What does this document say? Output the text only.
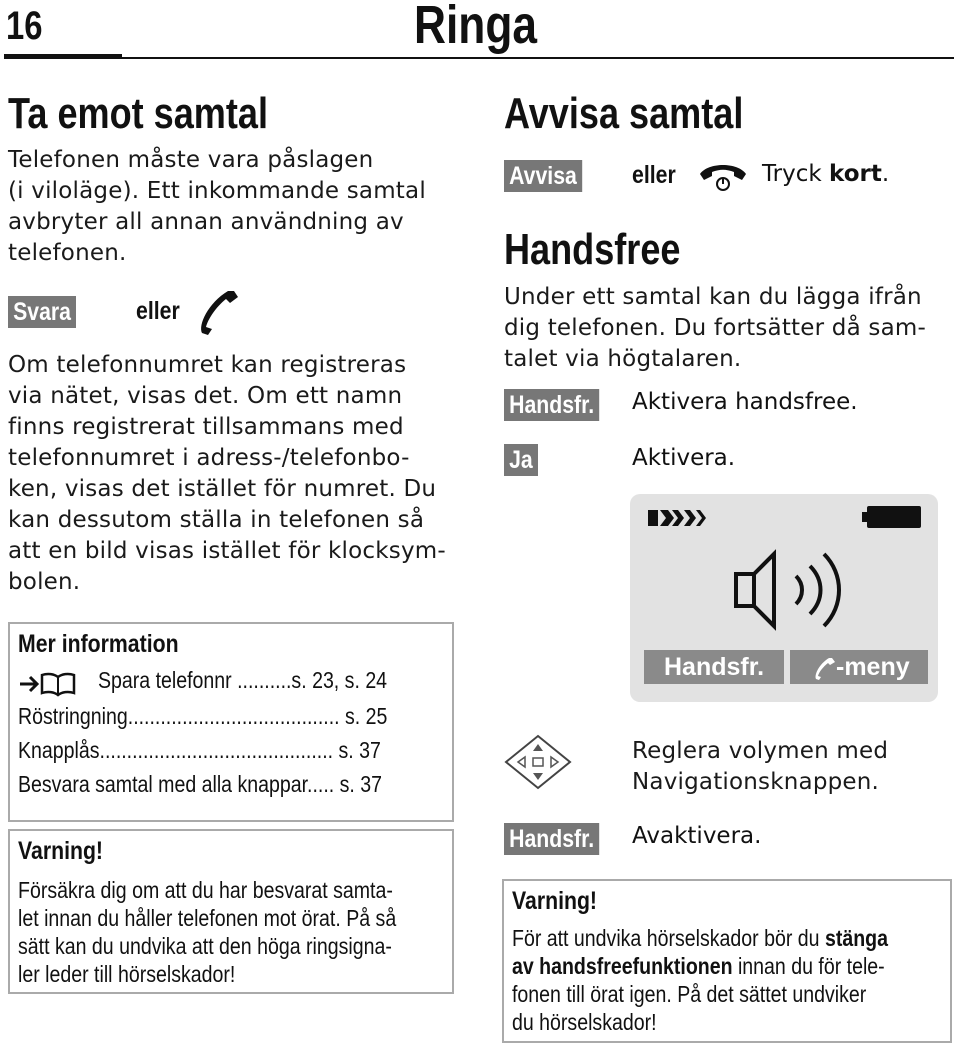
16	Ringa
Ta emot samtal
Telefonen måste vara påslagen
(i viloläge). Ett inkommande samtal
avbryter all annan användning av
telefonen.
Svara	eller
Om telefonnumret kan registreras
via nätet, visas det. Om ett namn
finns registrerat tillsammans med
telefonnumret i adress-/telefonbo-
ken, visas det istället för numret. Du
kan dessutom ställa in telefonen så
att en bild visas istället för klocksym-
bolen.
Mer information
Spara telefonnr ..........s. 23, s. 24
Röstringning....................................... s. 25
Knapplås........................................... s. 37
Besvara samtal med alla knappar..... s. 37
Varning!
Försäkra dig om att du har besvarat samta-
let innan du håller telefonen mot örat. På så
sätt kan du undvika att den höga ringsigna-
ler leder till hörselskador!
Avvisa samtal
Avvisa eller	Tryck kort.
Handsfree
Under ett samtal kan du lägga ifrån
dig telefonen. Du fortsätter då sam-
talet via högtalaren.
Handsfr. Aktivera handsfree.
Ja	Aktivera.
Handsfr.	-meny
Reglera volymen med
Navigationsknappen.
Handsfr. Avaktivera.
Varning!
För att undvika hörselskador bör du stänga
av handsfreefunktionen innan du för tele-
fonen till örat igen. På det sättet undviker
du hörselskador!
